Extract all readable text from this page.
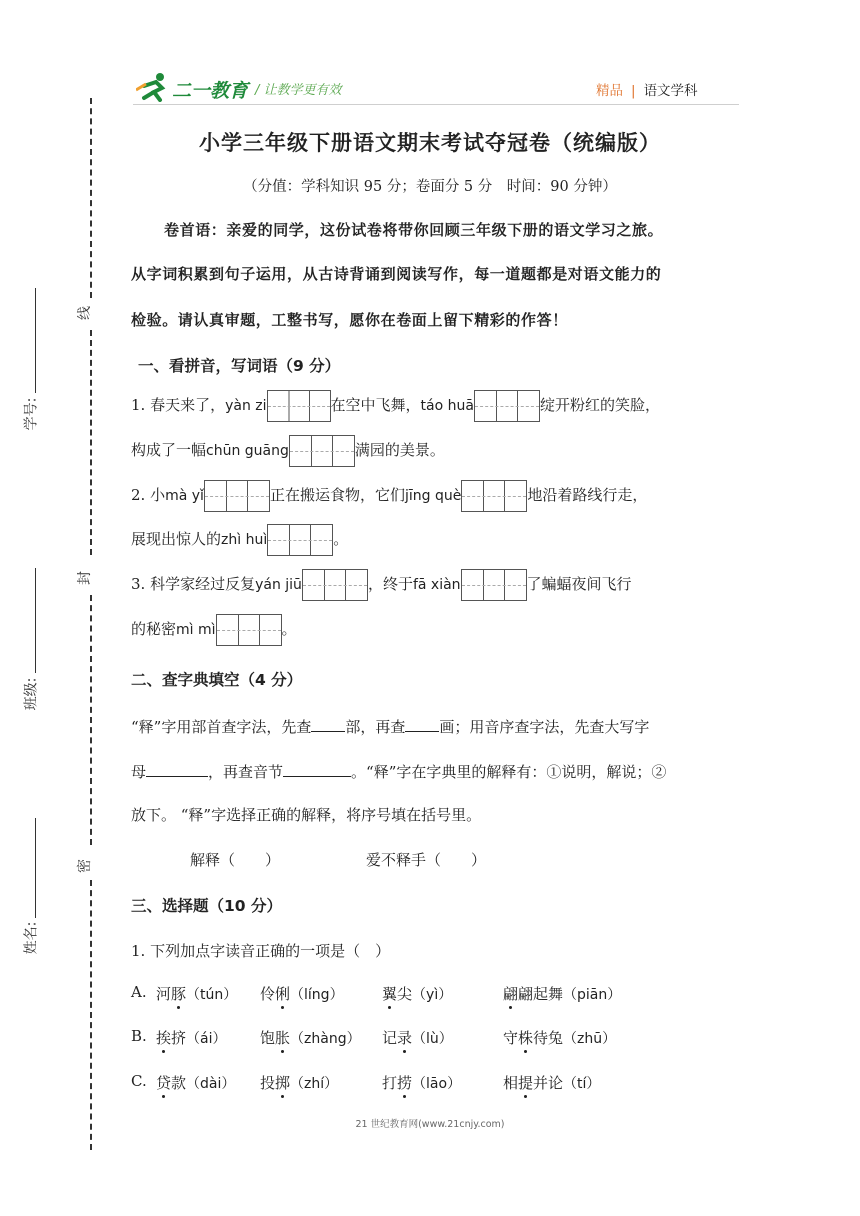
二一教育 / 让教学更有效	精品 | 语文学科
线
封
密
学号:
班级:
姓名:
小学三年级下册语文期末考试夺冠卷（统编版）
（分值：学科知识 95 分；卷面分 5 分　时间：90 分钟）
卷首语：亲爱的同学，这份试卷将带你回顾三年级下册的语文学习之旅。
从字词积累到句子运用，从古诗背诵到阅读写作，每一道题都是对语文能力的
检验。请认真审题，工整书写，愿你在卷面上留下精彩的作答！
一、看拼音，写词语（9 分）
1. 春天来了，yàn zi	在空中飞舞，táo huā	绽开粉红的笑脸，
构成了一幅chūn guāng	满园的美景。
2. 小mà yǐ	正在搬运食物，它们jīng què	地沿着路线行走，
展现出惊人的zhì huì	。
3. 科学家经过反复yán jiū	，终于fā xiàn	了蝙蝠夜间飞行
的秘密mì mì	。
二、查字典填空（4 分）
“释”字用部首查字法，先查 部，再查 画；用音序查字法，先查大写字
母	，再查音节	。“释”字在字典里的解释有：①说明，解说；②
放下。 “释”字选择正确的解释，将序号填在括号里。
解释（　　）	爱不释手（　　）
三、选择题（10 分）
1. 下列加点字读音正确的一项是（　）
A. 河豚（tún） 伶俐（líng）	翼尖（yì）	翩翩起舞（piān）
B. 挨挤（ái） 饱胀（zhàng） 记录（lù）	守株待兔（zhū）
C. 贷款（dài） 投掷（zhí）	打捞（lāo）	相提并论（tí）
21 世纪教育网(www.21cnjy.com)
